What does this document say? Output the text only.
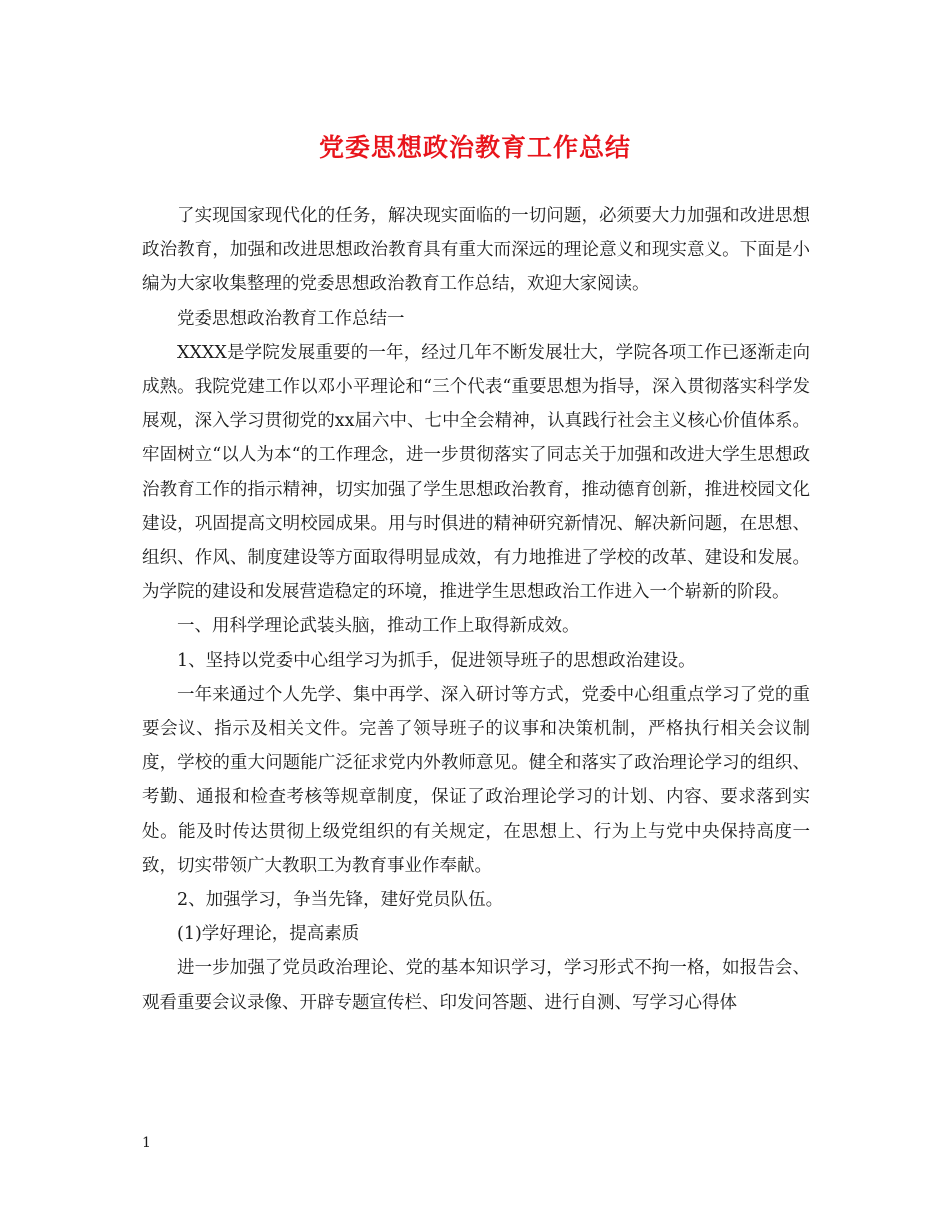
党委思想政治教育工作总结

了实现国家现代化的任务，解决现实面临的一切问题，必须要大力加强和改进思想政治教育，加强和改进思想政治教育具有重大而深远的理论意义和现实意义。下面是小编为大家收集整理的党委思想政治教育工作总结，欢迎大家阅读。

党委思想政治教育工作总结一

XXXX是学院发展重要的一年，经过几年不断发展壮大，学院各项工作已逐渐走向成熟。我院党建工作以邓小平理论和“三个代表“重要思想为指导，深入贯彻落实科学发展观，深入学习贯彻党的xx届六中、七中全会精神，认真践行社会主义核心价值体系。牢固树立“以人为本“的工作理念，进一步贯彻落实了同志关于加强和改进大学生思想政治教育工作的指示精神，切实加强了学生思想政治教育，推动德育创新，推进校园文化建设，巩固提高文明校园成果。用与时俱进的精神研究新情况、解决新问题，在思想、组织、作风、制度建设等方面取得明显成效，有力地推进了学校的改革、建设和发展。为学院的建设和发展营造稳定的环境，推进学生思想政治工作进入一个崭新的阶段。

一、用科学理论武装头脑，推动工作上取得新成效。

1、坚持以党委中心组学习为抓手，促进领导班子的思想政治建设。

一年来通过个人先学、集中再学、深入研讨等方式，党委中心组重点学习了党的重要会议、指示及相关文件。完善了领导班子的议事和决策机制，严格执行相关会议制度，学校的重大问题能广泛征求党内外教师意见。健全和落实了政治理论学习的组织、考勤、通报和检查考核等规章制度，保证了政治理论学习的计划、内容、要求落到实处。能及时传达贯彻上级党组织的有关规定，在思想上、行为上与党中央保持高度一致，切实带领广大教职工为教育事业作奉献。

2、加强学习，争当先锋，建好党员队伍。

(1)学好理论，提高素质

进一步加强了党员政治理论、党的基本知识学习，学习形式不拘一格，如报告会、观看重要会议录像、开辟专题宣传栏、印发问答题、进行自测、写学习心得体

1
